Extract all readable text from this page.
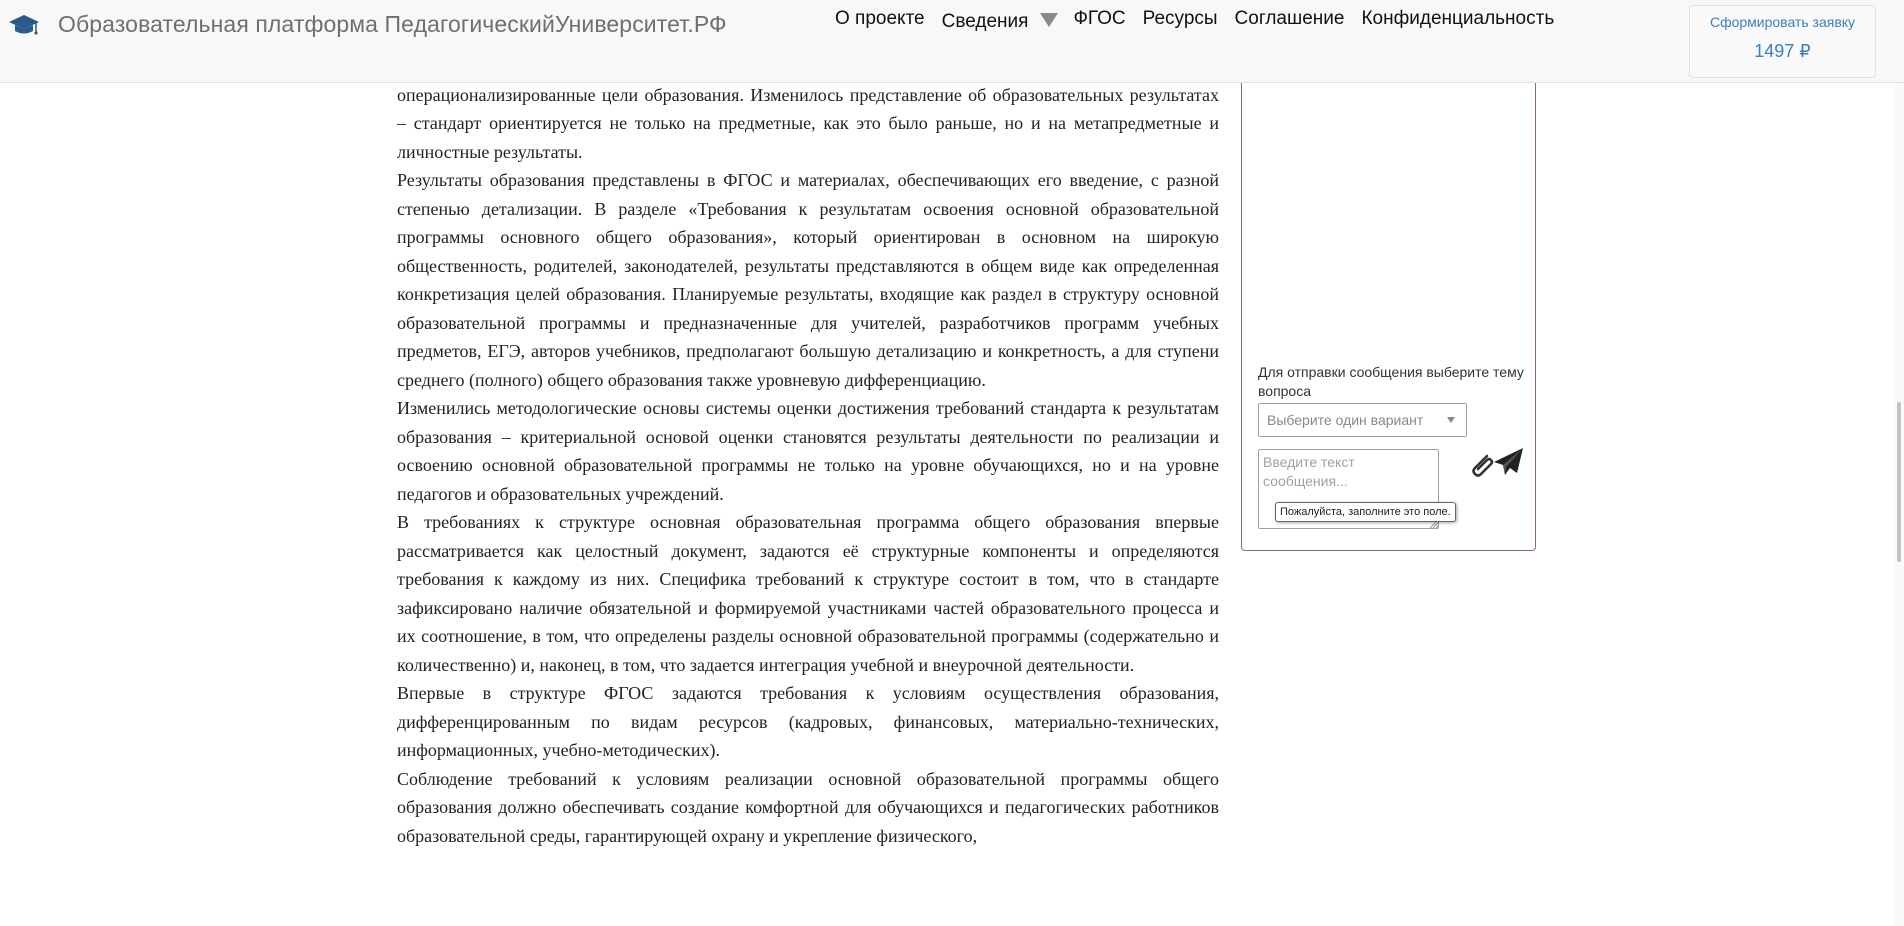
Образовательная платформа ПедагогическийУниверситет.РФ	О проекте Сведения ФГОС Ресурсы Соглашение Конфиденциальность	Сформировать заявку
1497 ₽

операционализированные цели образования. Изменилось представление об образовательных результатах – стандарт ориентируется не только на предметные, как это было раньше, но и на метапредметные и личностные результаты.

Результаты образования представлены в ФГОС и материалах, обеспечивающих его введение, с разной степенью детализации. В разделе «Требования к результатам освоения основной образовательной программы основного общего образования», который ориентирован в основном на широкую общественность, родителей, законодателей, результаты представляются в общем виде как определенная конкретизация целей образования. Планируемые результаты, входящие как раздел в структуру основной образовательной программы и предназначенные для учителей, разработчиков программ учебных предметов, ЕГЭ, авторов учебников, предполагают большую детализацию и конкретность, а для ступени среднего (полного) общего образования также уровневую дифференциацию.

Изменились методологические основы системы оценки достижения требований стандарта к результатам образования – критериальной основой оценки становятся результаты деятельности по реализации и освоению основной образовательной программы не только на уровне обучающихся, но и на уровне педагогов и образовательных учреждений.

В требованиях к структуре основная образовательная программа общего образования впервые рассматривается как целостный документ, задаются её структурные компоненты и определяются требования к каждому из них. Специфика требований к структуре состоит в том, что в стандарте зафиксировано наличие обязательной и формируемой участниками частей образовательного процесса и их соотношение, в том, что определены разделы основной образовательной программы (содержательно и количественно) и, наконец, в том, что задается интеграция учебной и внеурочной деятельности.

Впервые в структуре ФГОС задаются требования к условиям осуществления образования, дифференцированным по видам ресурсов (кадровых, финансовых, материально-технических, информационных, учебно-методических).

Соблюдение требований к условиям реализации основной образовательной программы общего образования должно обеспечивать создание комфортной для обучающихся и педагогических работников образовательной среды, гарантирующей охрану и укрепление физического,

Для отправки сообщения выберите тему вопроса
Выберите один вариант
Введите текст сообщения...
Пожалуйста, заполните это поле.
